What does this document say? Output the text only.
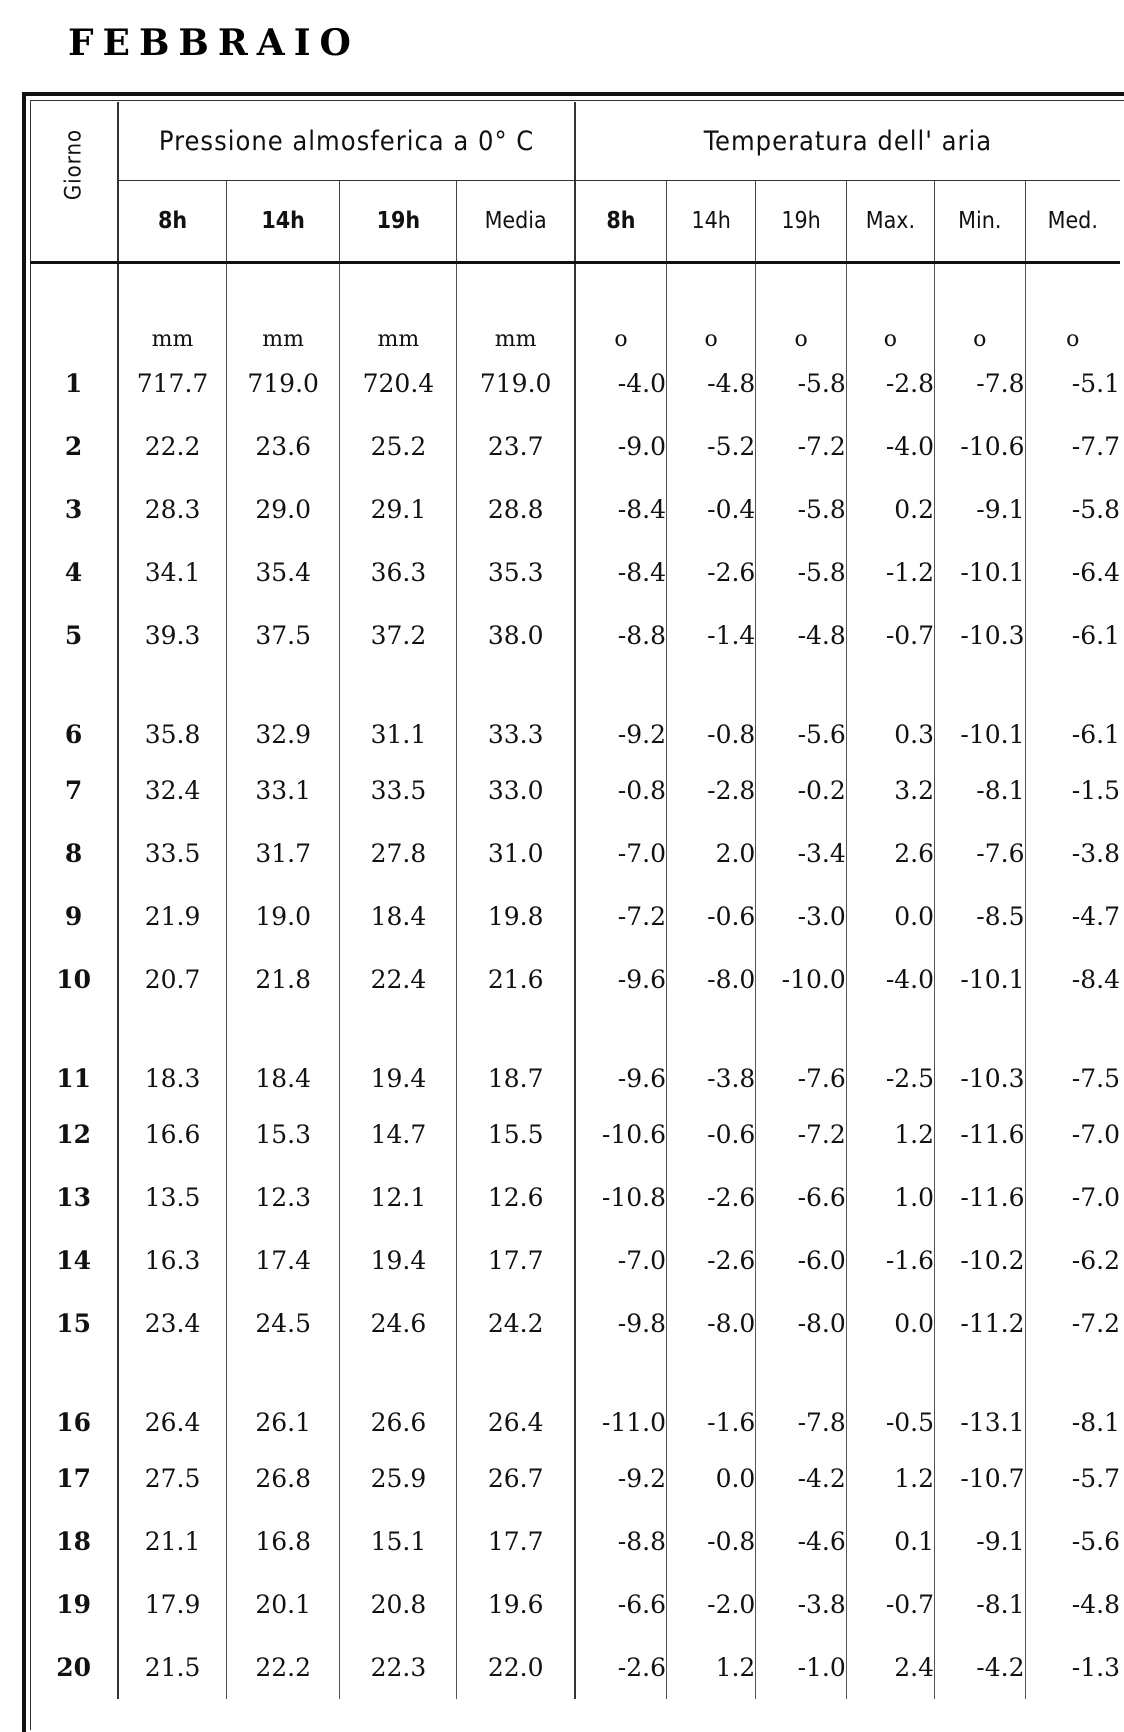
FEBBRAIO
Giorno	Pressione almosferica a 0° C				Temperatura dell' aria					
	8h	14h	19h	Media	8h	14h	19h	Max.	Min.	Med.
	mm	mm	mm	mm	o	o	o	o	o	o
1	717.7	719.0	720.4	719.0	-4.0	-4.8	-5.8	-2.8	-7.8	-5.1
2	22.2	23.6	25.2	23.7	-9.0	-5.2	-7.2	-4.0	-10.6	-7.7
3	28.3	29.0	29.1	28.8	-8.4	-0.4	-5.8	0.2	-9.1	-5.8
4	34.1	35.4	36.3	35.3	-8.4	-2.6	-5.8	-1.2	-10.1	-6.4
5	39.3	37.5	37.2	38.0	-8.8	-1.4	-4.8	-0.7	-10.3	-6.1
6	35.8	32.9	31.1	33.3	-9.2	-0.8	-5.6	0.3	-10.1	-6.1
7	32.4	33.1	33.5	33.0	-0.8	-2.8	-0.2	3.2	-8.1	-1.5
8	33.5	31.7	27.8	31.0	-7.0	2.0	-3.4	2.6	-7.6	-3.8
9	21.9	19.0	18.4	19.8	-7.2	-0.6	-3.0	0.0	-8.5	-4.7
10	20.7	21.8	22.4	21.6	-9.6	-8.0	-10.0	-4.0	-10.1	-8.4
11	18.3	18.4	19.4	18.7	-9.6	-3.8	-7.6	-2.5	-10.3	-7.5
12	16.6	15.3	14.7	15.5	-10.6	-0.6	-7.2	1.2	-11.6	-7.0
13	13.5	12.3	12.1	12.6	-10.8	-2.6	-6.6	1.0	-11.6	-7.0
14	16.3	17.4	19.4	17.7	-7.0	-2.6	-6.0	-1.6	-10.2	-6.2
15	23.4	24.5	24.6	24.2	-9.8	-8.0	-8.0	0.0	-11.2	-7.2
16	26.4	26.1	26.6	26.4	-11.0	-1.6	-7.8	-0.5	-13.1	-8.1
17	27.5	26.8	25.9	26.7	-9.2	0.0	-4.2	1.2	-10.7	-5.7
18	21.1	16.8	15.1	17.7	-8.8	-0.8	-4.6	0.1	-9.1	-5.6
19	17.9	20.1	20.8	19.6	-6.6	-2.0	-3.8	-0.7	-8.1	-4.8
20	21.5	22.2	22.3	22.0	-2.6	1.2	-1.0	2.4	-4.2	-1.3
